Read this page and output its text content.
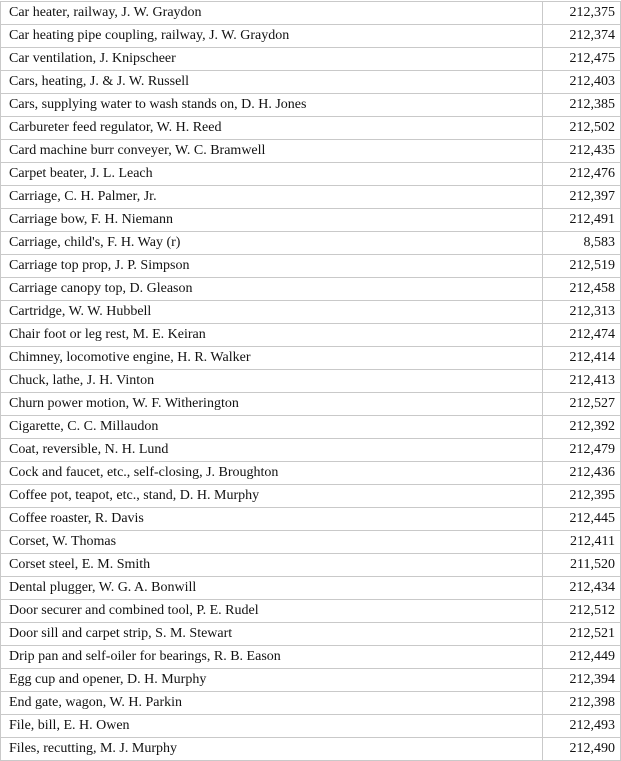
Car heater, railway, J. W. Graydon	212,375
Car heating pipe coupling, railway, J. W. Graydon	212,374
Car ventilation, J. Knipscheer	212,475
Cars, heating, J. & J. W. Russell	212,403
Cars, supplying water to wash stands on, D. H. Jones	212,385
Carbureter feed regulator, W. H. Reed	212,502
Card machine burr conveyer, W. C. Bramwell	212,435
Carpet beater, J. L. Leach	212,476
Carriage, C. H. Palmer, Jr.	212,397
Carriage bow, F. H. Niemann	212,491
Carriage, child's, F. H. Way (r)	8,583
Carriage top prop, J. P. Simpson	212,519
Carriage canopy top, D. Gleason	212,458
Cartridge, W. W. Hubbell	212,313
Chair foot or leg rest, M. E. Keiran	212,474
Chimney, locomotive engine, H. R. Walker	212,414
Chuck, lathe, J. H. Vinton	212,413
Churn power motion, W. F. Witherington	212,527
Cigarette, C. C. Millaudon	212,392
Coat, reversible, N. H. Lund	212,479
Cock and faucet, etc., self-closing, J. Broughton	212,436
Coffee pot, teapot, etc., stand, D. H. Murphy	212,395
Coffee roaster, R. Davis	212,445
Corset, W. Thomas	212,411
Corset steel, E. M. Smith	211,520
Dental plugger, W. G. A. Bonwill	212,434
Door securer and combined tool, P. E. Rudel	212,512
Door sill and carpet strip, S. M. Stewart	212,521
Drip pan and self-oiler for bearings, R. B. Eason	212,449
Egg cup and opener, D. H. Murphy	212,394
End gate, wagon, W. H. Parkin	212,398
File, bill, E. H. Owen	212,493
Files, recutting, M. J. Murphy	212,490
